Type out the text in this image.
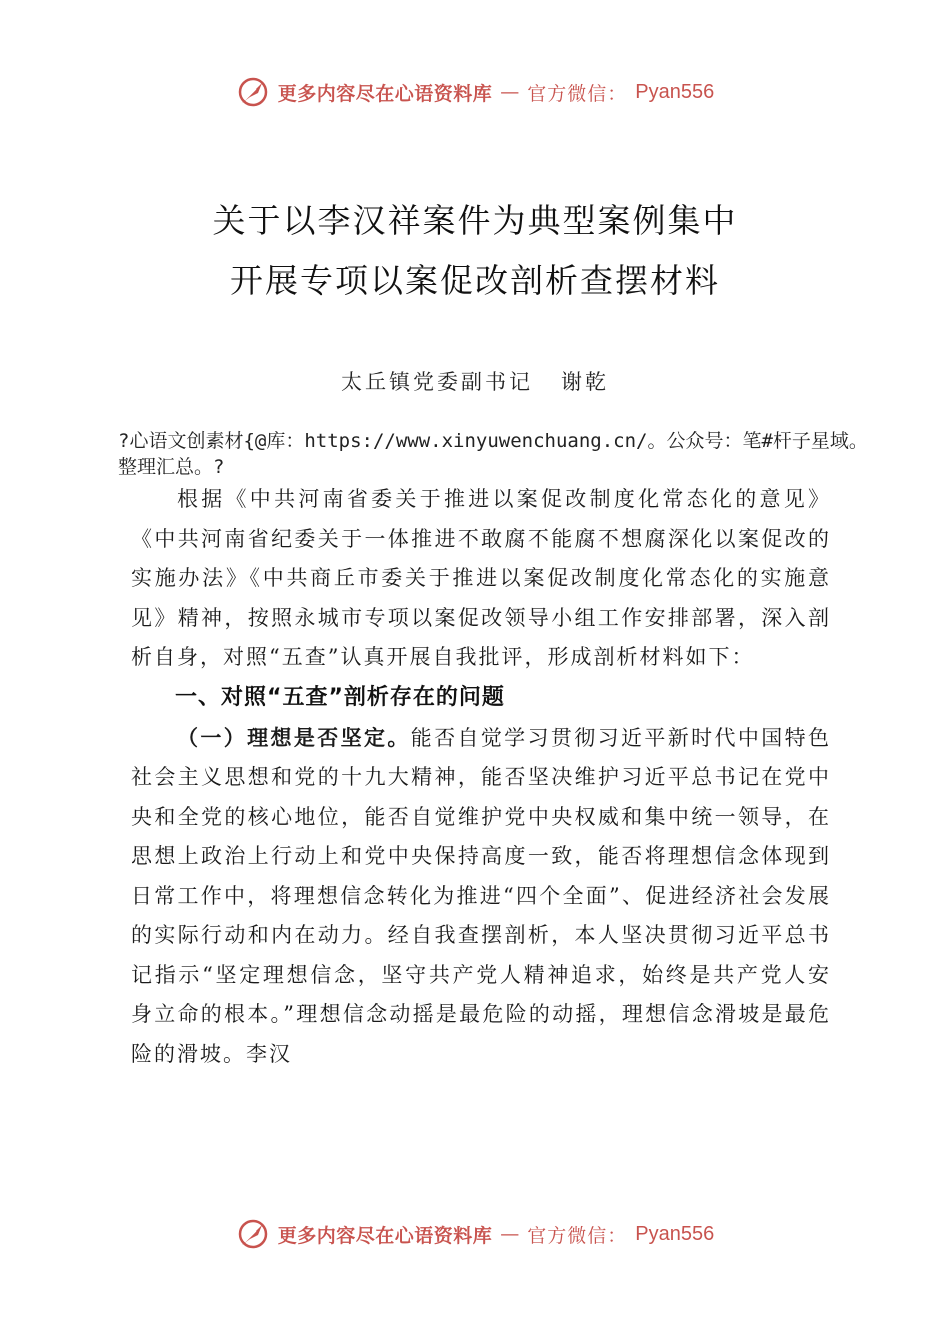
更多内容尽在心语资料库 — 官方微信： Pyan556
关于以李汉祥案件为典型案例集中
开展专项以案促改剖析查摆材料
太丘镇党委副书记 谢乾
?心语文创素材{@库：https://www.xinyuwenchuang.cn/。公众号：笔#杆子星域。整理汇总。?

根据《中共河南省委关于推进以案促改制度化常态化的意见》《中共河南省纪委关于一体推进不敢腐不能腐不想腐深化以案促改的实施办法》《中共商丘市委关于推进以案促改制度化常态化的实施意见》精神，按照永城市专项以案促改领导小组工作安排部署，深入剖析自身，对照“五查”认真开展自我批评，形成剖析材料如下：

一、对照“五查”剖析存在的问题

（一）理想是否坚定。能否自觉学习贯彻习近平新时代中国特色社会主义思想和党的十九大精神，能否坚决维护习近平总书记在党中央和全党的核心地位，能否自觉维护党中央权威和集中统一领导，在思想上政治上行动上和党中央保持高度一致，能否将理想信念体现到日常工作中，将理想信念转化为推进“四个全面”、促进经济社会发展的实际行动和内在动力。经自我查摆剖析，本人坚决贯彻习近平总书记指示“坚定理想信念，坚守共产党人精神追求，始终是共产党人安身立命的根本。”理想信念动摇是最危险的动摇，理想信念滑坡是最危险的滑坡。李汉

更多内容尽在心语资料库 — 官方微信： Pyan556
